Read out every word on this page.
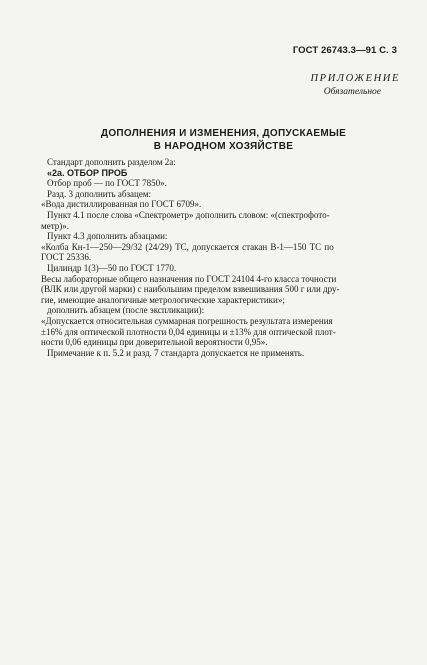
ГОСТ 26743.3—91 С. 3
ПРИЛОЖЕНИЕ
Обязательное
ДОПОЛНЕНИЯ И ИЗМЕНЕНИЯ, ДОПУСКАЕМЫЕ
В НАРОДНОМ ХОЗЯЙСТВЕ

Стандарт дополнить разделом 2а:

«2а. ОТБОР ПРОБ

Отбор проб — по ГОСТ 7850».

Разд. 3 дополнить абзацем:

«Вода дистиллированная по ГОСТ 6709».

Пункт 4.1 после слова «Спектрометр» дополнить словом: «(спектрофото-

метр)».

Пункт 4.3 дополнить абзацами:

«Колба Кн-1—250—29/32 (24/29) ТС, допускается стакан В-1—150 ТС по

ГОСТ 25336.

Цилиндр 1(3)—50 по ГОСТ 1770.

Весы лабораторные общего назначения по ГОСТ 24104 4-го класса точности

(ВЛК или другой марки) с наибольшим пределом взвешивания 500 г или дру-

гие, имеющие аналогичные метрологические характеристики»;

дополнить абзацем (после экспликации):

«Допускается относительная суммарная погрешность результата измерения

±16% для оптической плотности 0,04 единицы и ±13% для оптической плот-

ности 0,06 единицы при доверительной вероятности 0,95».

Примечание к п. 5.2 и разд. 7 стандарта допускается не применять.
